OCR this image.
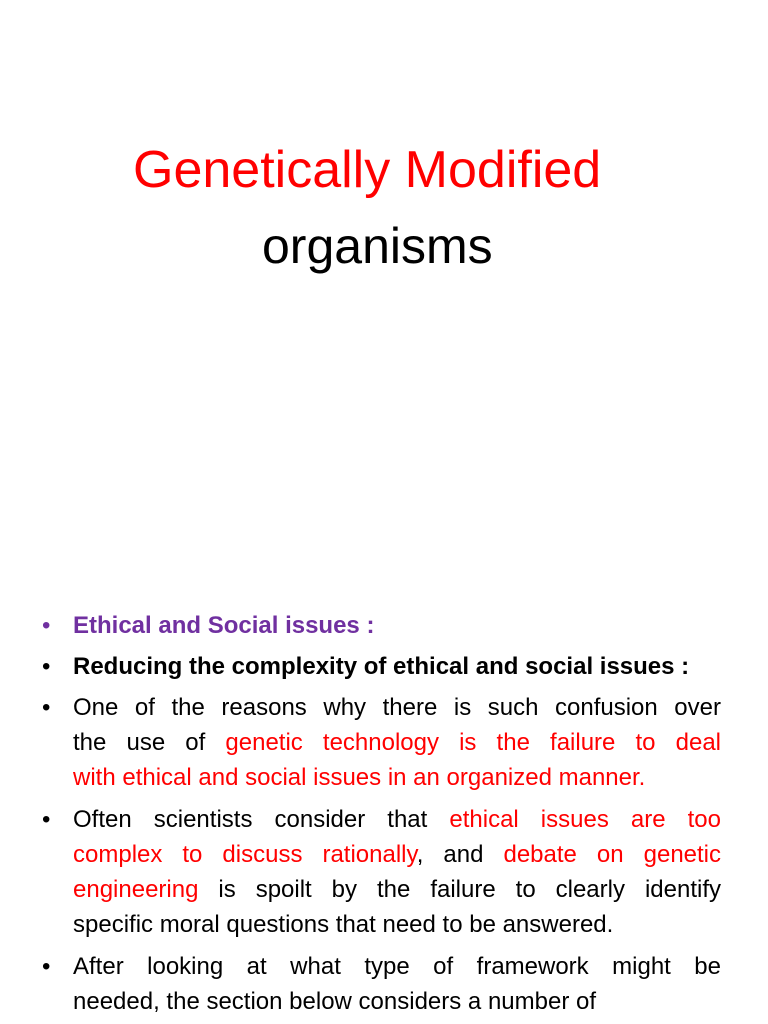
Genetically Modified
organisms
• Ethical and Social issues :
• Reducing the complexity of ethical and social issues :
• One of the reasons why there is such confusion over
the use of genetic technology is the failure to deal
with ethical and social issues in an organized manner.
• Often scientists consider that ethical issues are too
complex to discuss rationally, and debate on genetic
engineering is spoilt by the failure to clearly identify
specific moral questions that need to be answered.
• After looking at what type of framework might be
needed, the section below considers a number of
